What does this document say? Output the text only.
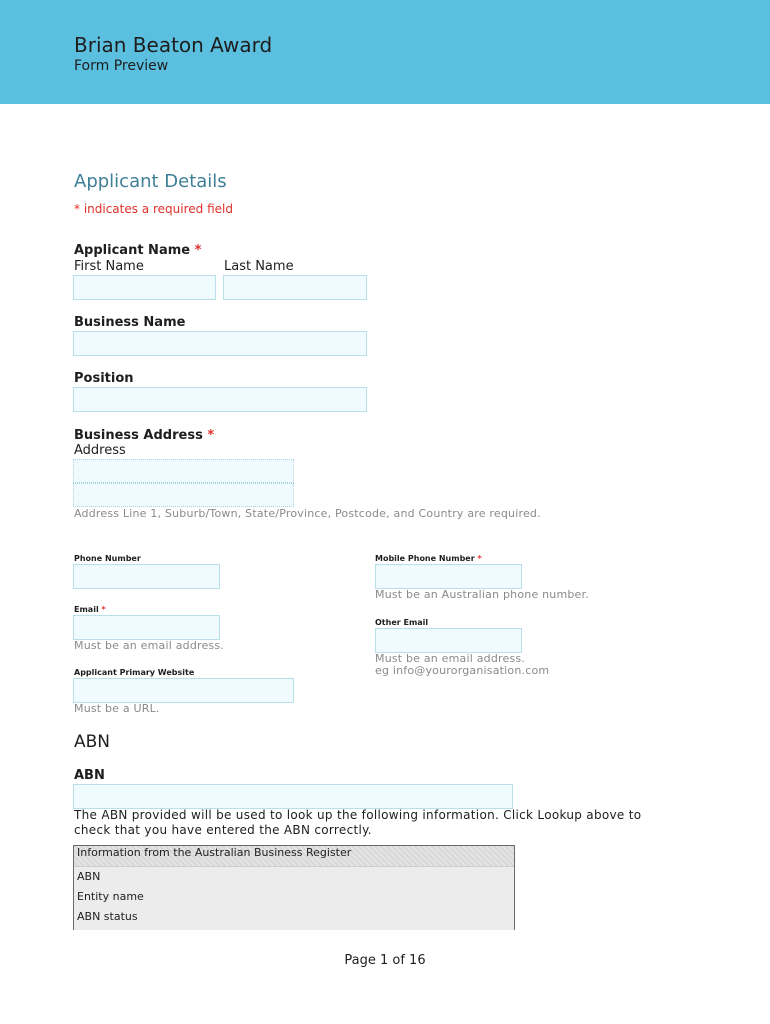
Brian Beaton Award
Form Preview
Applicant Details
* indicates a required field
Applicant Name *
First Name	Last Name
Business Name
Position
Business Address *
Address
Address Line 1, Suburb/Town, State/Province, Postcode, and Country are required.
Phone Number	Mobile Phone Number *
Must be an Australian phone number.
Email *
Must be an email address.
Other Email
Must be an email address.
eg info@yourorganisation.com
Applicant Primary Website
Must be a URL.
ABN
ABN
The ABN provided will be used to look up the following information. Click Lookup above to
check that you have entered the ABN correctly.
Information from the Australian Business Register
ABN
Entity name
ABN status
Page 1 of 16
